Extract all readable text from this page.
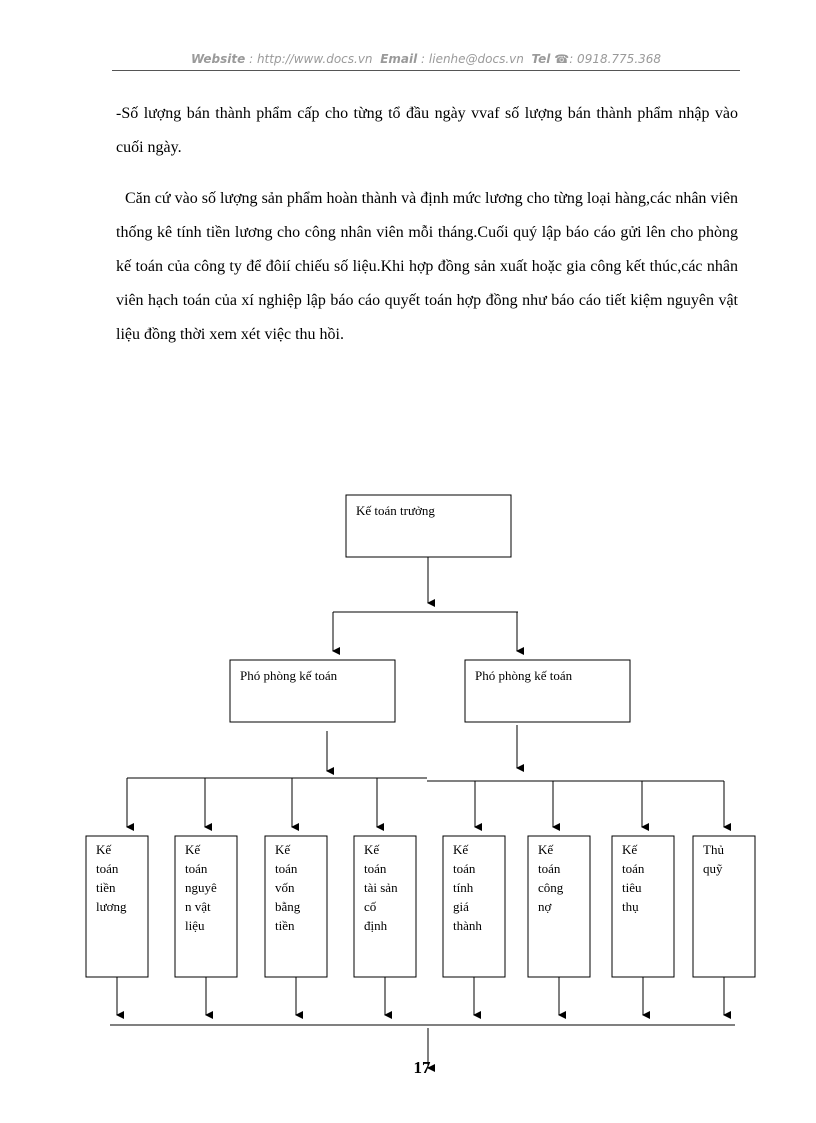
Website : http://www.docs.vn Email : lienhe@docs.vn Tel ☎: 0918.775.368

-Số lượng bán thành phẩm cấp cho từng tổ đầu ngày vvaf số lượng bán thành phẩm nhập vào cuối ngày.

Căn cứ vào số lượng sản phẩm hoàn thành và định mức lương cho từng loại hàng,các nhân viên thống kê tính tiền lương cho công nhân viên mỗi tháng.Cuối quý lập báo cáo gửi lên cho phòng kế toán của công ty để đôií chiếu số liệu.Khi hợp đồng sản xuất hoặc gia công kết thúc,các nhân viên hạch toán của xí nghiệp lập báo cáo quyết toán hợp đồng như báo cáo tiết kiệm nguyên vật liệu đồng thời xem xét việc thu hồi.

Kế toán trưởng
Phó phòng kế toán	Phó phòng kế toán
Kế
toán
tiền
lương
Kế
toán
nguyê
n vật
liệu
Kế
toán
vốn
bằng
tiền
Kế
toán
tài sản
cố
định
Kế
toán
tính
giá
thành
Kế
toán
công
nợ
Kế
toán
tiêu
thụ
Thủ
quỹ
17
